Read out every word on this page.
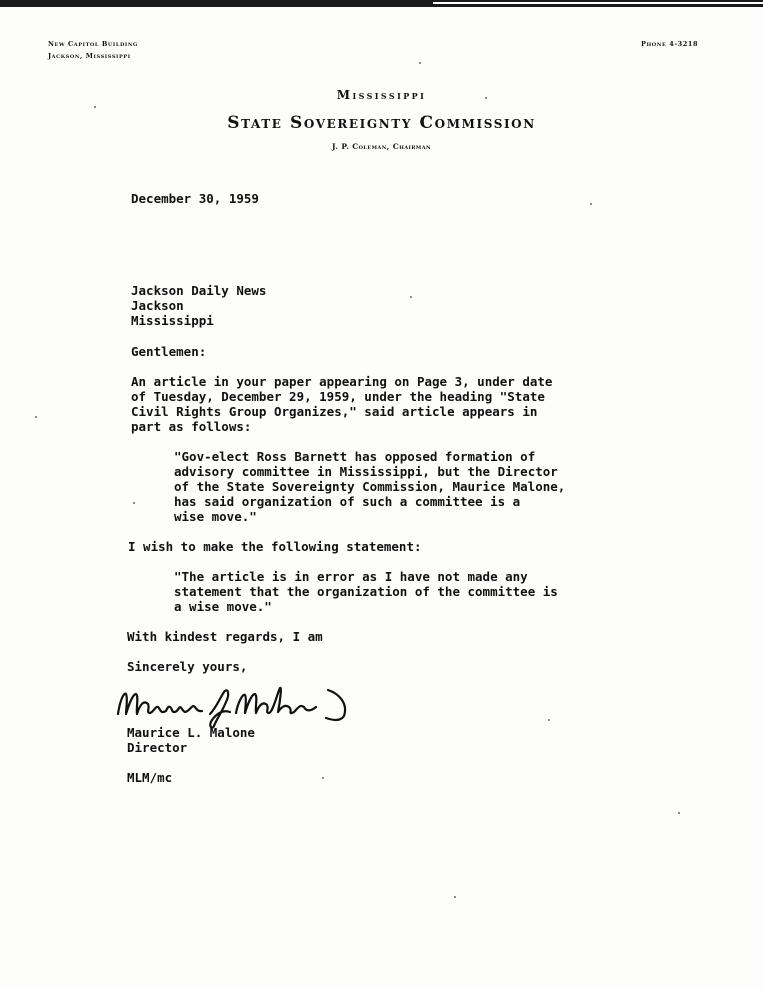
New Capitol Building
Jackson, Mississippi
Phone 4-3218
Mississippi
State Sovereignty Commission
J. P. Coleman, Chairman
December 30, 1959
Jackson Daily News
Jackson
Mississippi
Gentlemen:
An article in your paper appearing on Page 3, under date
of Tuesday, December 29, 1959, under the heading "State
Civil Rights Group Organizes," said article appears in
part as follows:
"Gov-elect Ross Barnett has opposed formation of
advisory committee in Mississippi, but the Director
of the State Sovereignty Commission, Maurice Malone,
has said organization of such a committee is a
wise move."
I wish to make the following statement:
"The article is in error as I have not made any
statement that the organization of the committee is
a wise move."
With kindest regards, I am
Sincerely yours,
Maurice L. Malone Maurice L. Malone
Director
MLM/mc
